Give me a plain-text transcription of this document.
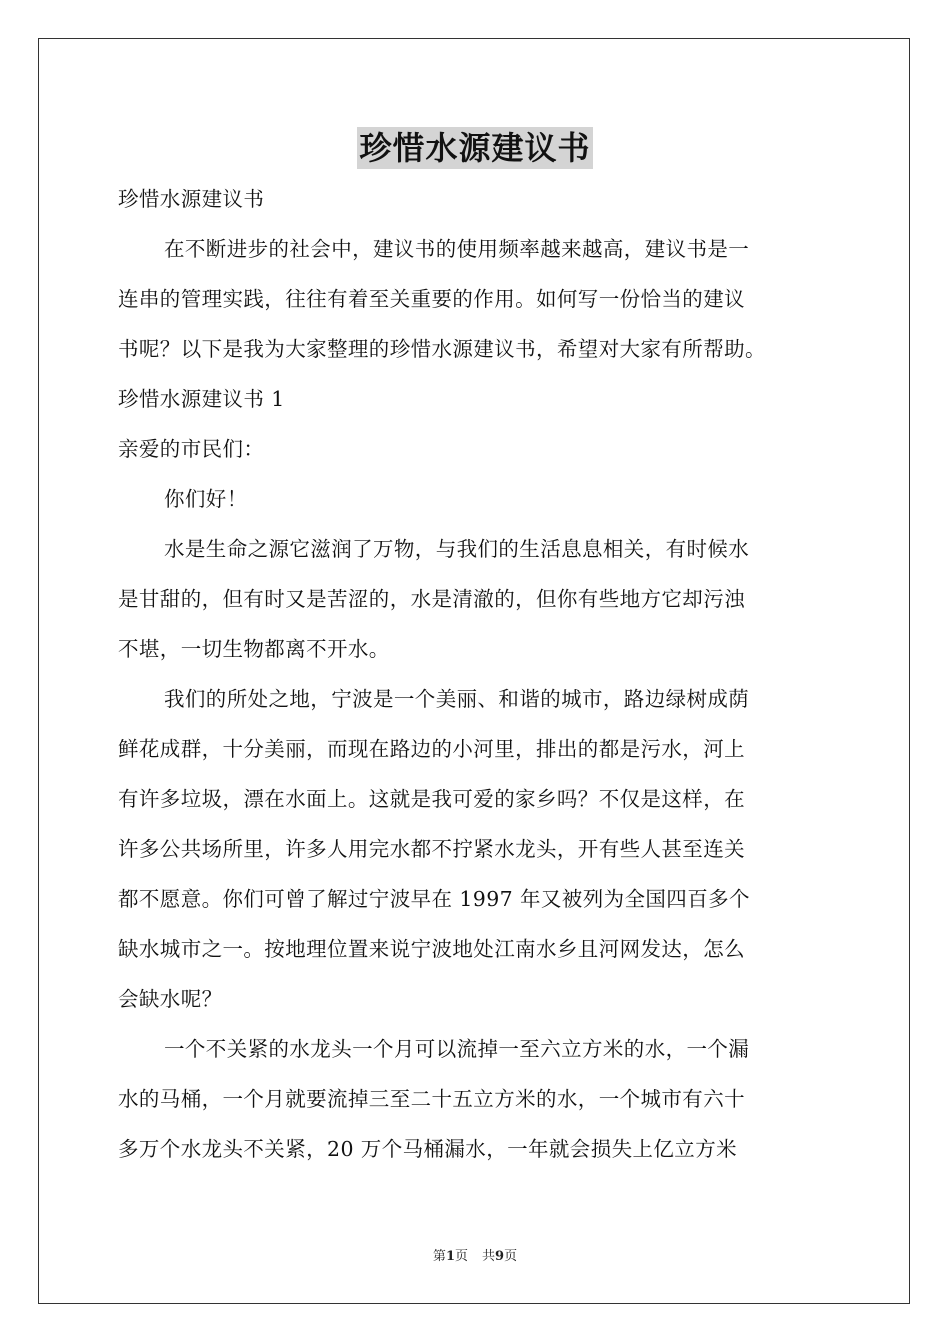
珍惜水源建议书
珍惜水源建议书
在不断进步的社会中，建议书的使用频率越来越高，建议书是一
连串的管理实践，往往有着至关重要的作用。如何写一份恰当的建议
书呢？以下是我为大家整理的珍惜水源建议书，希望对大家有所帮助。
珍惜水源建议书 1
亲爱的市民们：
你们好！
水是生命之源它滋润了万物，与我们的生活息息相关，有时候水
是甘甜的，但有时又是苦涩的，水是清澈的，但你有些地方它却污浊
不堪，一切生物都离不开水。
我们的所处之地，宁波是一个美丽、和谐的城市，路边绿树成荫
鲜花成群，十分美丽，而现在路边的小河里，排出的都是污水，河上
有许多垃圾，漂在水面上。这就是我可爱的家乡吗？不仅是这样，在
许多公共场所里，许多人用完水都不拧紧水龙头，开有些人甚至连关
都不愿意。你们可曾了解过宁波早在 1997 年又被列为全国四百多个
缺水城市之一。按地理位置来说宁波地处江南水乡且河网发达，怎么
会缺水呢？
一个不关紧的水龙头一个月可以流掉一至六立方米的水，一个漏
水的马桶，一个月就要流掉三至二十五立方米的水，一个城市有六十
多万个水龙头不关紧，20 万个马桶漏水，一年就会损失上亿立方米
第1页 共9页
